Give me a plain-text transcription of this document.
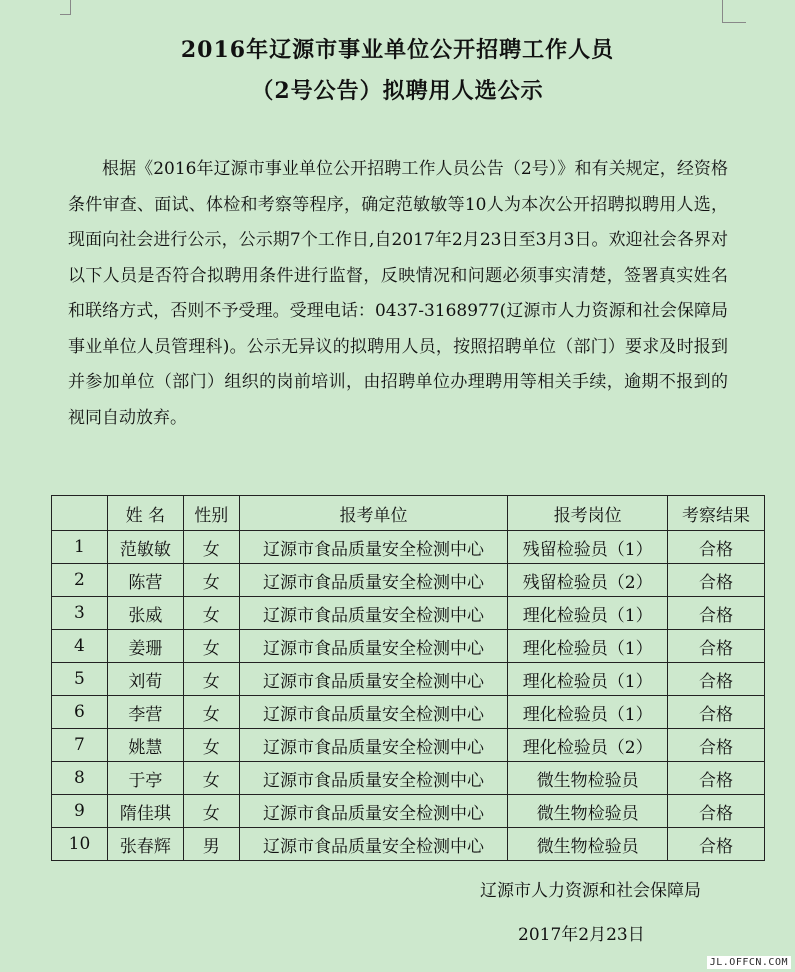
2016年辽源市事业单位公开招聘工作人员
（2号公告）拟聘用人选公示

根据《2016年辽源市事业单位公开招聘工作人员公告（2号）》和有关规定，经资格条件审查、面试、体检和考察等程序，确定范敏敏等10人为本次公开招聘拟聘用人选，现面向社会进行公示，公示期7个工作日,自2017年2月23日至3月3日。欢迎社会各界对以下人员是否符合拟聘用条件进行监督，反映情况和问题必须事实清楚，签署真实姓名和联络方式，否则不予受理。受理电话：0437-3168977(辽源市人力资源和社会保障局事业单位人员管理科)。公示无异议的拟聘用人员，按照招聘单位（部门）要求及时报到并参加单位（部门）组织的岗前培训，由招聘单位办理聘用等相关手续，逾期不报到的视同自动放弃。

	姓 名	性别	报考单位	报考岗位	考察结果
1	范敏敏	女	辽源市食品质量安全检测中心	残留检验员（1）	合格
2	陈营	女	辽源市食品质量安全检测中心	残留检验员（2）	合格
3	张威	女	辽源市食品质量安全检测中心	理化检验员（1）	合格
4	姜珊	女	辽源市食品质量安全检测中心	理化检验员（1）	合格
5	刘荀	女	辽源市食品质量安全检测中心	理化检验员（1）	合格
6	李营	女	辽源市食品质量安全检测中心	理化检验员（1）	合格
7	姚慧	女	辽源市食品质量安全检测中心	理化检验员（2）	合格
8	于亭	女	辽源市食品质量安全检测中心	微生物检验员	合格
9	隋佳琪	女	辽源市食品质量安全检测中心	微生物检验员	合格
10	张春辉	男	辽源市食品质量安全检测中心	微生物检验员	合格
辽源市人力资源和社会保障局
2017年2月23日
JL.OFFCN.COM
